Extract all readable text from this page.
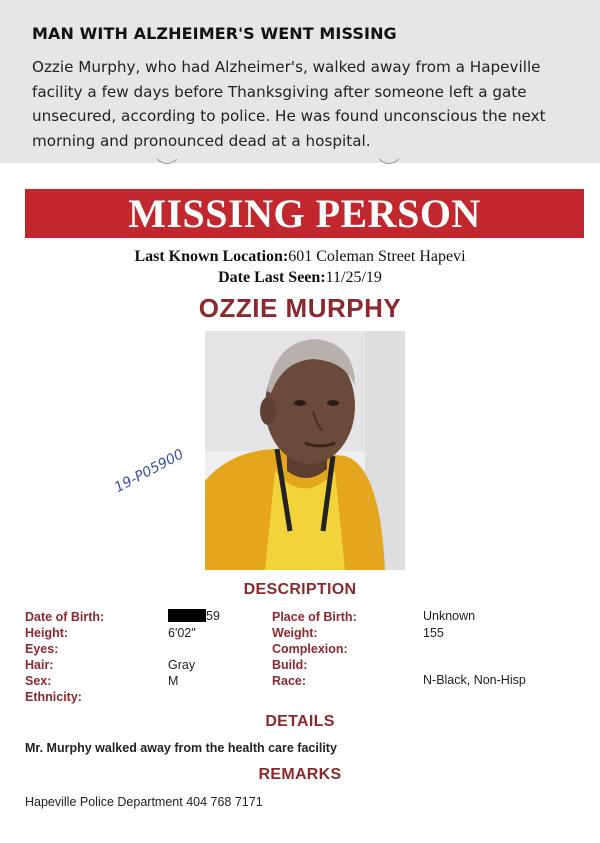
MAN WITH ALZHEIMER'S WENT MISSING
Ozzie Murphy, who had Alzheimer's, walked away from a Hapeville facility a few days before Thanksgiving after someone left a gate unsecured, according to police. He was found unconscious the next morning and pronounced dead at a hospital.
MISSING PERSON
Last Known Location:601 Coleman Street Hapevi
Date Last Seen:11/25/19
OZZIE MURPHY
19-P05900
DESCRIPTION
Date of Birth:
Height:
Eyes:
Hair:
Sex:
Ethnicity:
59
6'02"
Gray
M
Place of Birth:
Weight:
Complexion:
Build:
Race:
Unknown
155
N-Black, Non-Hisp
DETAILS
Mr. Murphy walked away from the health care facility
REMARKS
Hapeville Police Department 404 768 7171
